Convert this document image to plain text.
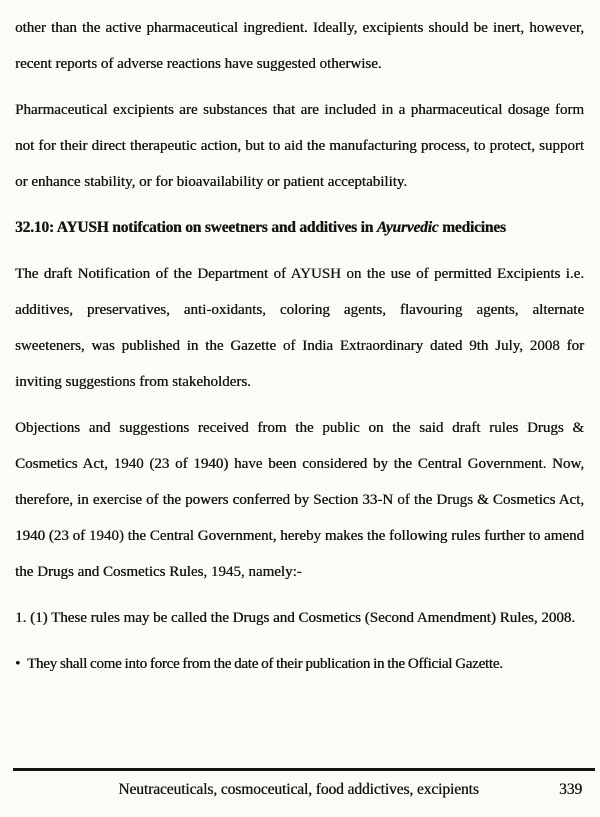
other than the active pharmaceutical ingredient. Ideally, excipients should be inert, however, recent reports of adverse reactions have suggested otherwise.

Pharmaceutical excipients are substances that are included in a pharmaceutical dosage form not for their direct therapeutic action, but to aid the manufacturing process, to protect, support or enhance stability, or for bioavailability or patient acceptability.

32.10: AYUSH notifcation on sweetners and additives in Ayurvedic medicines

The draft Notification of the Department of AYUSH on the use of permitted Excipients i.e. additives, preservatives, anti-oxidants, coloring agents, flavouring agents, alternate sweeteners, was published in the Gazette of India Extraordinary dated 9th July, 2008 for inviting suggestions from stakeholders.

Objections and suggestions received from the public on the said draft rules Drugs & Cosmetics Act, 1940 (23 of 1940) have been considered by the Central Government. Now, therefore, in exercise of the powers conferred by Section 33-N of the Drugs & Cosmetics Act, 1940 (23 of 1940) the Central Government, hereby makes the following rules further to amend the Drugs and Cosmetics Rules, 1945, namely:-

1. (1) These rules may be called the Drugs and Cosmetics (Second Amendment) Rules, 2008.

• They shall come into force from the date of their publication in the Official Gazette.

Neutraceuticals, cosmoceutical, food addictives, excipients	339
